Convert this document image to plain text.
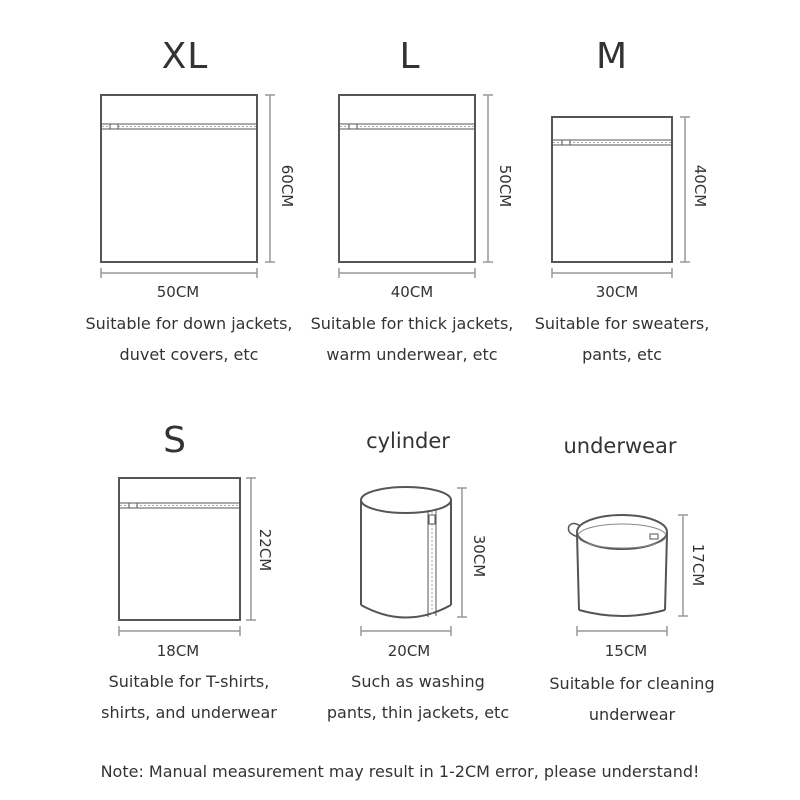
XL
60CM
50CM
Suitable for down jackets,
duvet covers, etc
L
50CM
40CM
Suitable for thick jackets,
warm underwear, etc
M
40CM
30CM
Suitable for sweaters,
pants, etc
S
22CM
18CM
Suitable for T-shirts,
shirts, and underwear
cylinder
30CM
20CM
Such as washing
pants, thin jackets, etc
underwear
17CM
15CM
Suitable for cleaning
underwear
Note: Manual measurement may result in 1-2CM error, please understand!
